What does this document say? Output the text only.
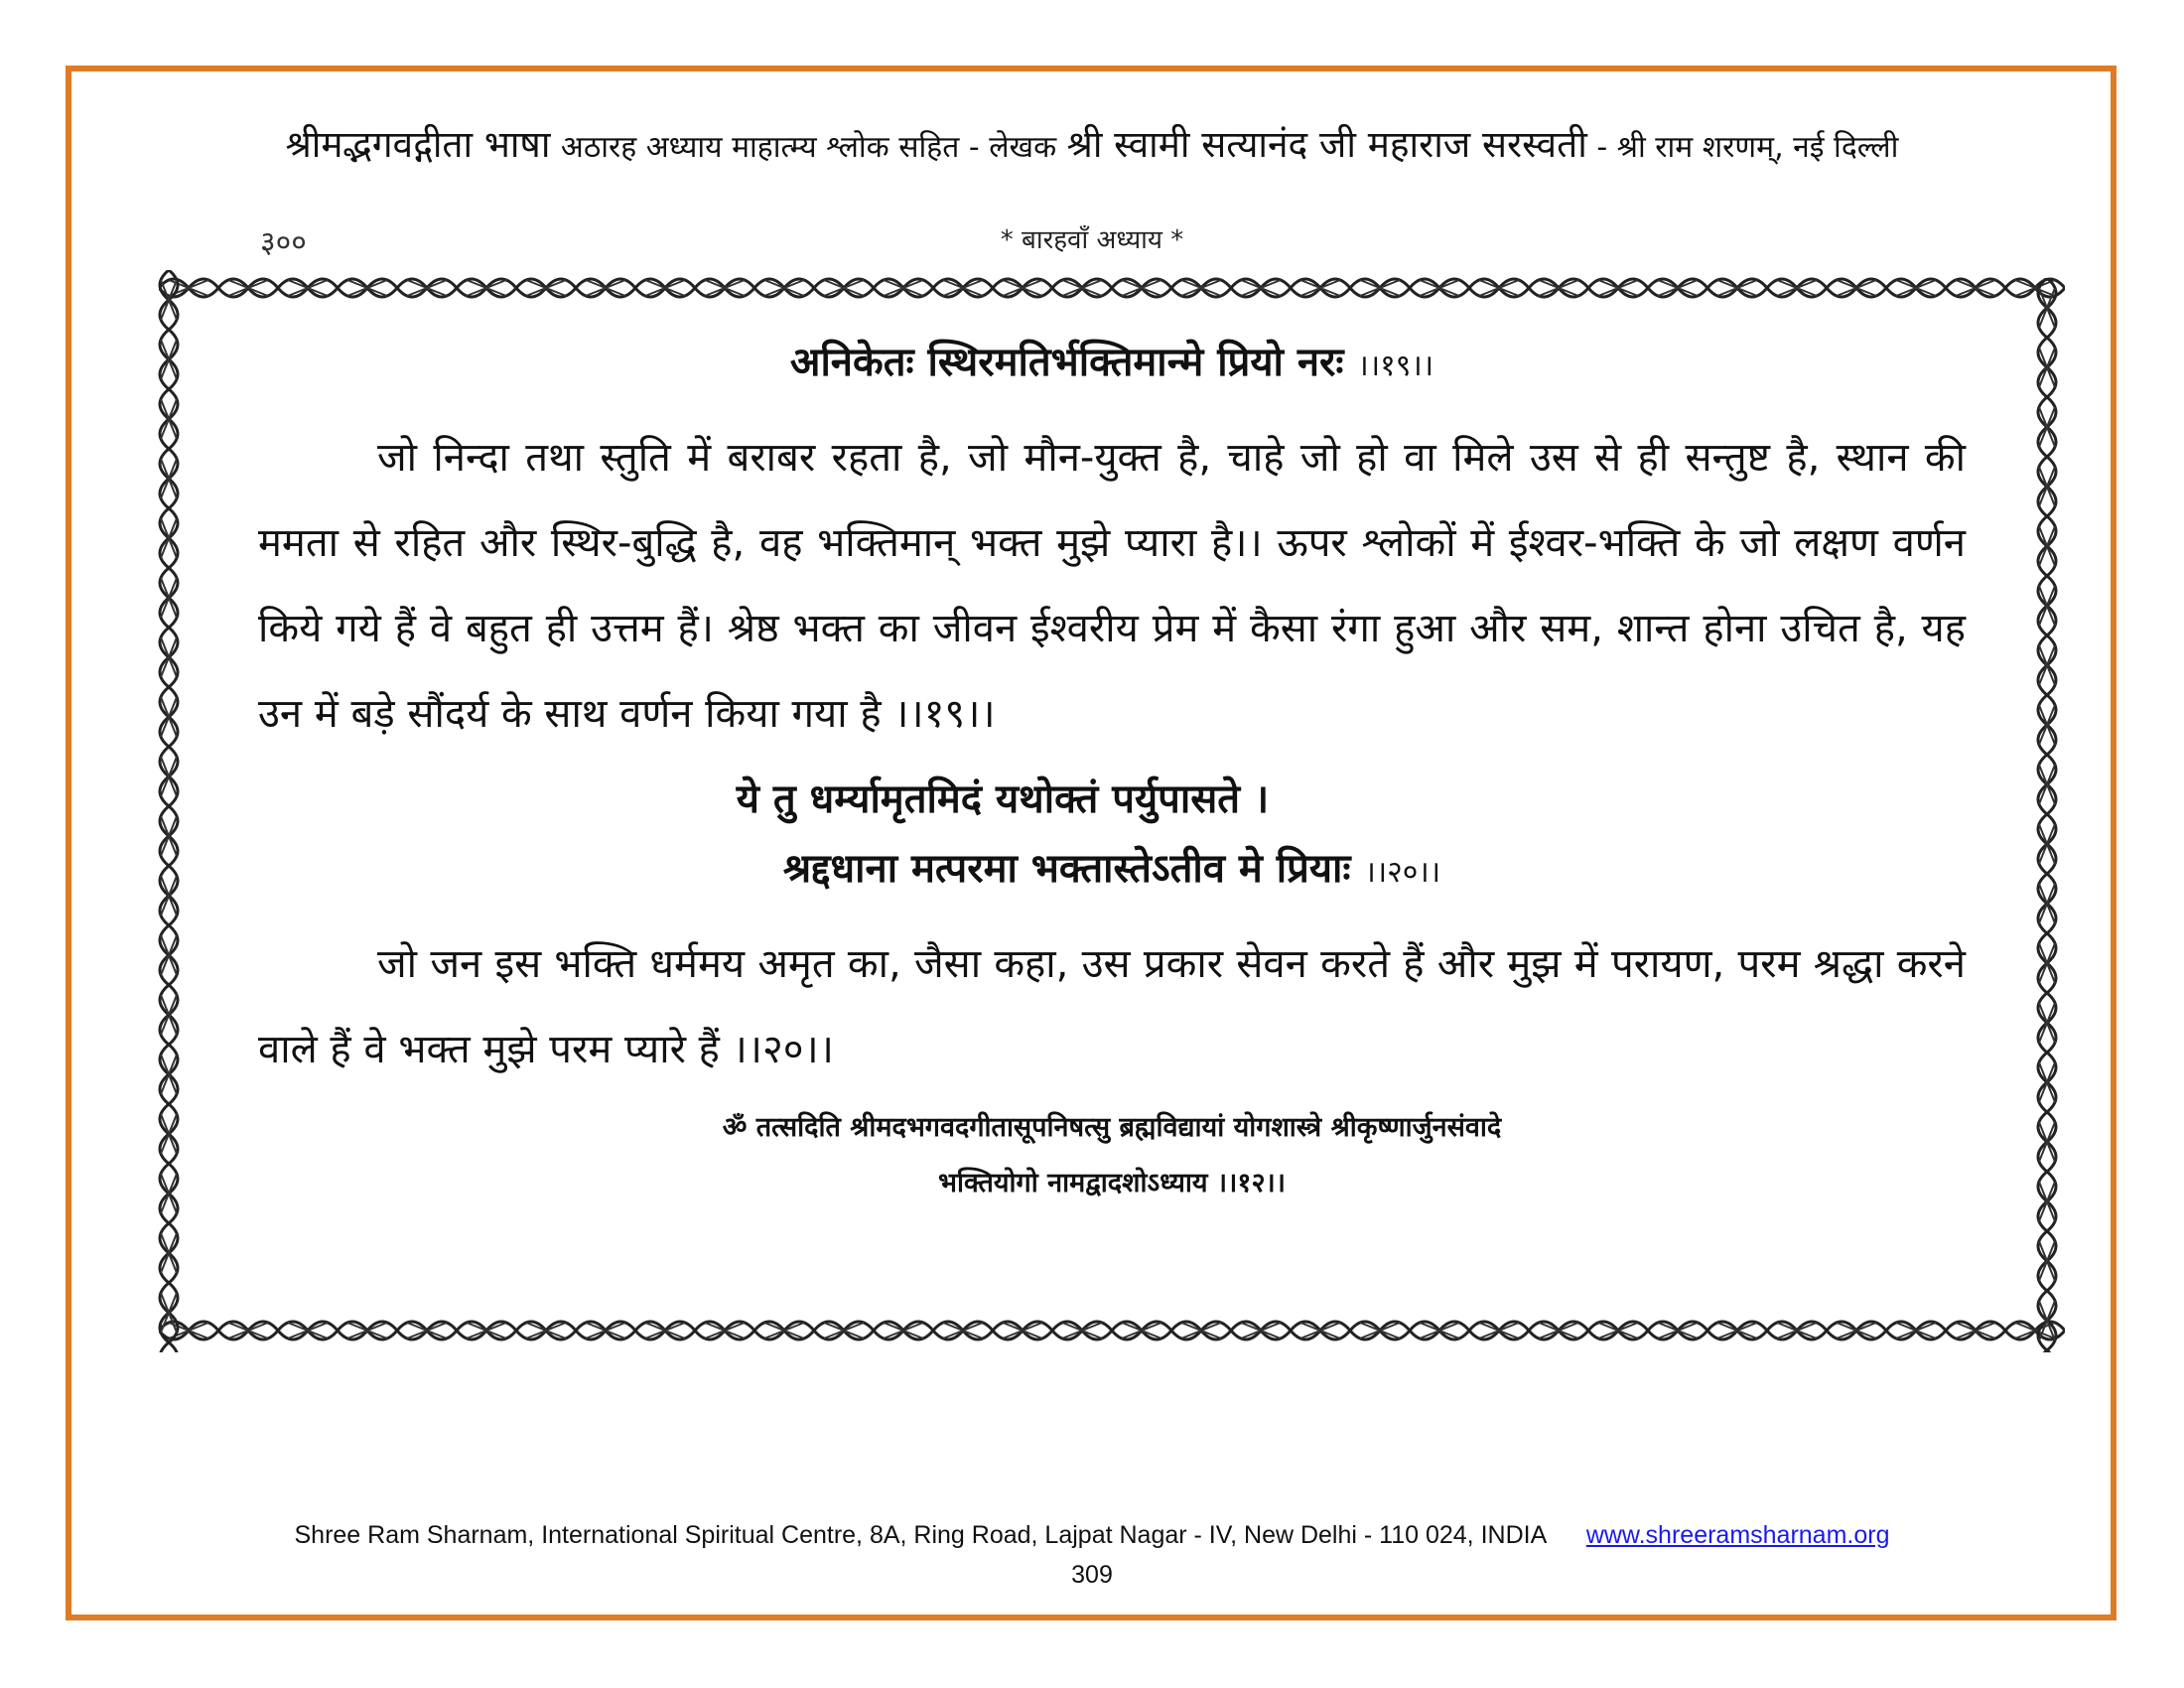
श्रीमद्भगवद्गीता भाषा अठारह अध्याय माहात्म्य श्लोक सहित - लेखक श्री स्वामी सत्यानंद जी महाराज सरस्वती - श्री राम शरणम्, नई दिल्ली
३००	* बारहवाँ अध्याय *
अनिकेतः स्थिरमतिर्भक्तिमान्मे प्रियो नरः ।।१९।।
जो निन्दा तथा स्तुति में बराबर रहता है, जो मौन-युक्त है, चाहे जो हो वा मिले उस से ही सन्तुष्ट है, स्थान की ममता से रहित और स्थिर-बुद्धि है, वह भक्तिमान् भक्त मुझे प्यारा है।। ऊपर श्लोकों में ईश्वर-भक्ति के जो लक्षण वर्णन किये गये हैं वे बहुत ही उत्तम हैं। श्रेष्ठ भक्त का जीवन ईश्वरीय प्रेम में कैसा रंगा हुआ और सम, शान्त होना उचित है, यह उन में बड़े सौंदर्य के साथ वर्णन किया गया है ।।१९।।
ये तु धर्म्यामृतमिदं यथोक्तं पर्युपासते ।
श्रद्दधाना मत्परमा भक्तास्तेऽतीव मे प्रियाः ।।२०।।
जो जन इस भक्ति धर्ममय अमृत का, जैसा कहा, उस प्रकार सेवन करते हैं और मुझ में परायण, परम श्रद्धा करने वाले हैं वे भक्त मुझे परम प्यारे हैं ।।२०।।
ॐ तत्सदिति श्रीमदभगवदगीतासूपनिषत्सु ब्रह्मविद्यायां योगशास्त्रे श्रीकृष्णार्जुनसंवादे
भक्तियोगो नामद्वादशोऽध्याय ।।१२।।
Shree Ram Sharnam, International Spiritual Centre, 8A, Ring Road, Lajpat Nagar - IV, New Delhi - 110 024, INDIA www.shreeramsharnam.org
309
